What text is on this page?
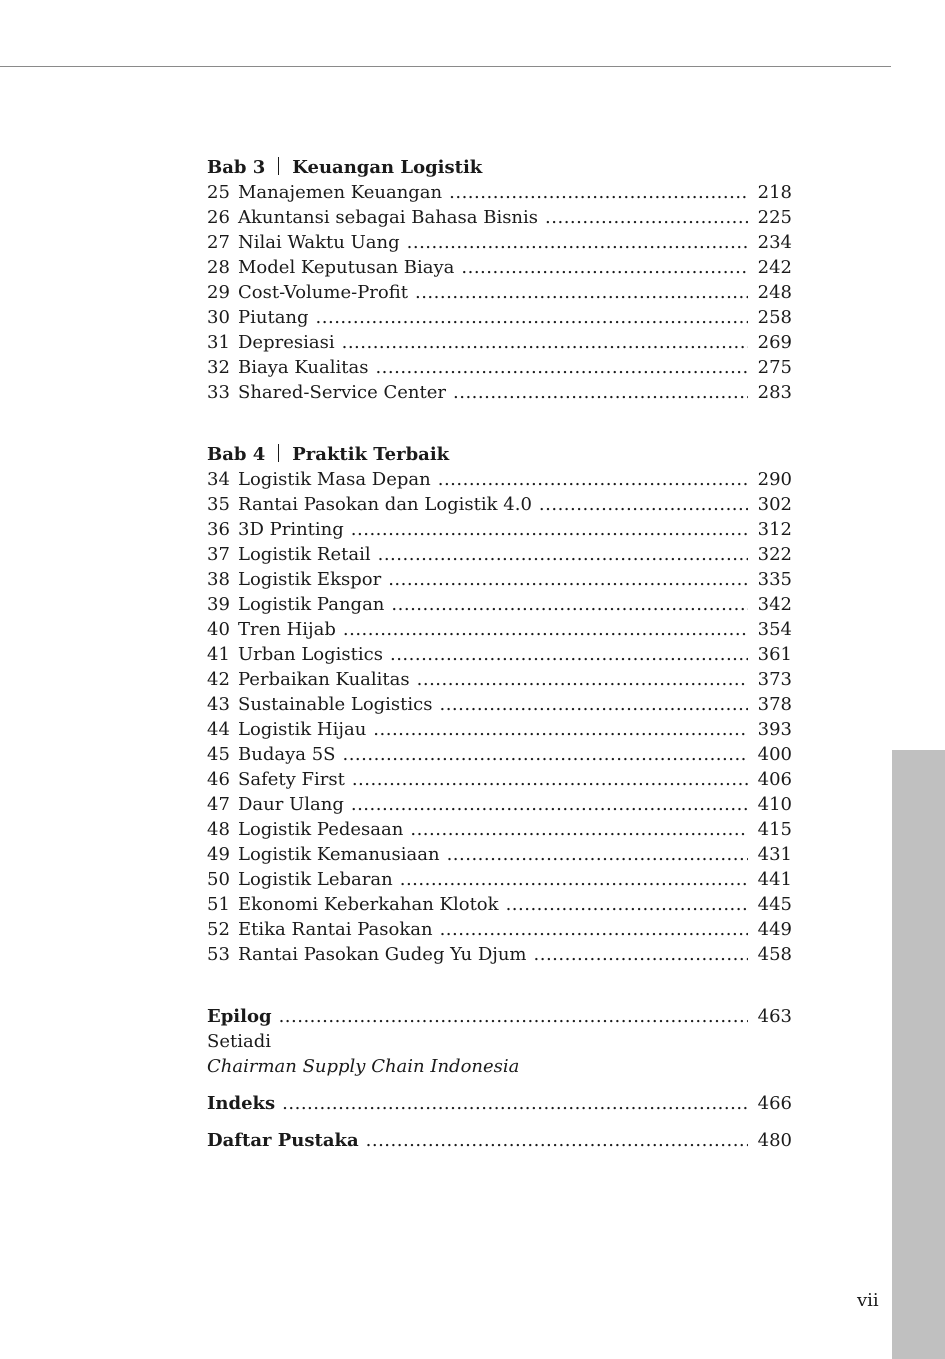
Bab 3 Keuangan Logistik
25 Manajemen Keuangan .....	218
26 Akuntansi sebagai Bahasa Bisnis .....	225
27 Nilai Waktu Uang .....	234
28 Model Keputusan Biaya .....	242
29 Cost-Volume-Profit .....	248
30 Piutang .....	258
31 Depresiasi .....	269
32 Biaya Kualitas .....	275
33 Shared-Service Center .....	283
Bab 4 Praktik Terbaik
34 Logistik Masa Depan .....	290
35 Rantai Pasokan dan Logistik 4.0 .....	302
36 3D Printing .....	312
37 Logistik Retail .....	322
38 Logistik Ekspor .....	335
39 Logistik Pangan .....	342
40 Tren Hijab .....	354
41 Urban Logistics .....	361
42 Perbaikan Kualitas .....	373
43 Sustainable Logistics .....	378
44 Logistik Hijau .....	393
45 Budaya 5S .....	400
46 Safety First .....	406
47 Daur Ulang .....	410
48 Logistik Pedesaan .....	415
49 Logistik Kemanusiaan .....	431
50 Logistik Lebaran .....	441
51 Ekonomi Keberkahan Klotok .....	445
52 Etika Rantai Pasokan .....	449
53 Rantai Pasokan Gudeg Yu Djum .....	458
Epilog .....	463
Setiadi
Chairman Supply Chain Indonesia
Indeks .....	466
Daftar Pustaka .....	480
vii
